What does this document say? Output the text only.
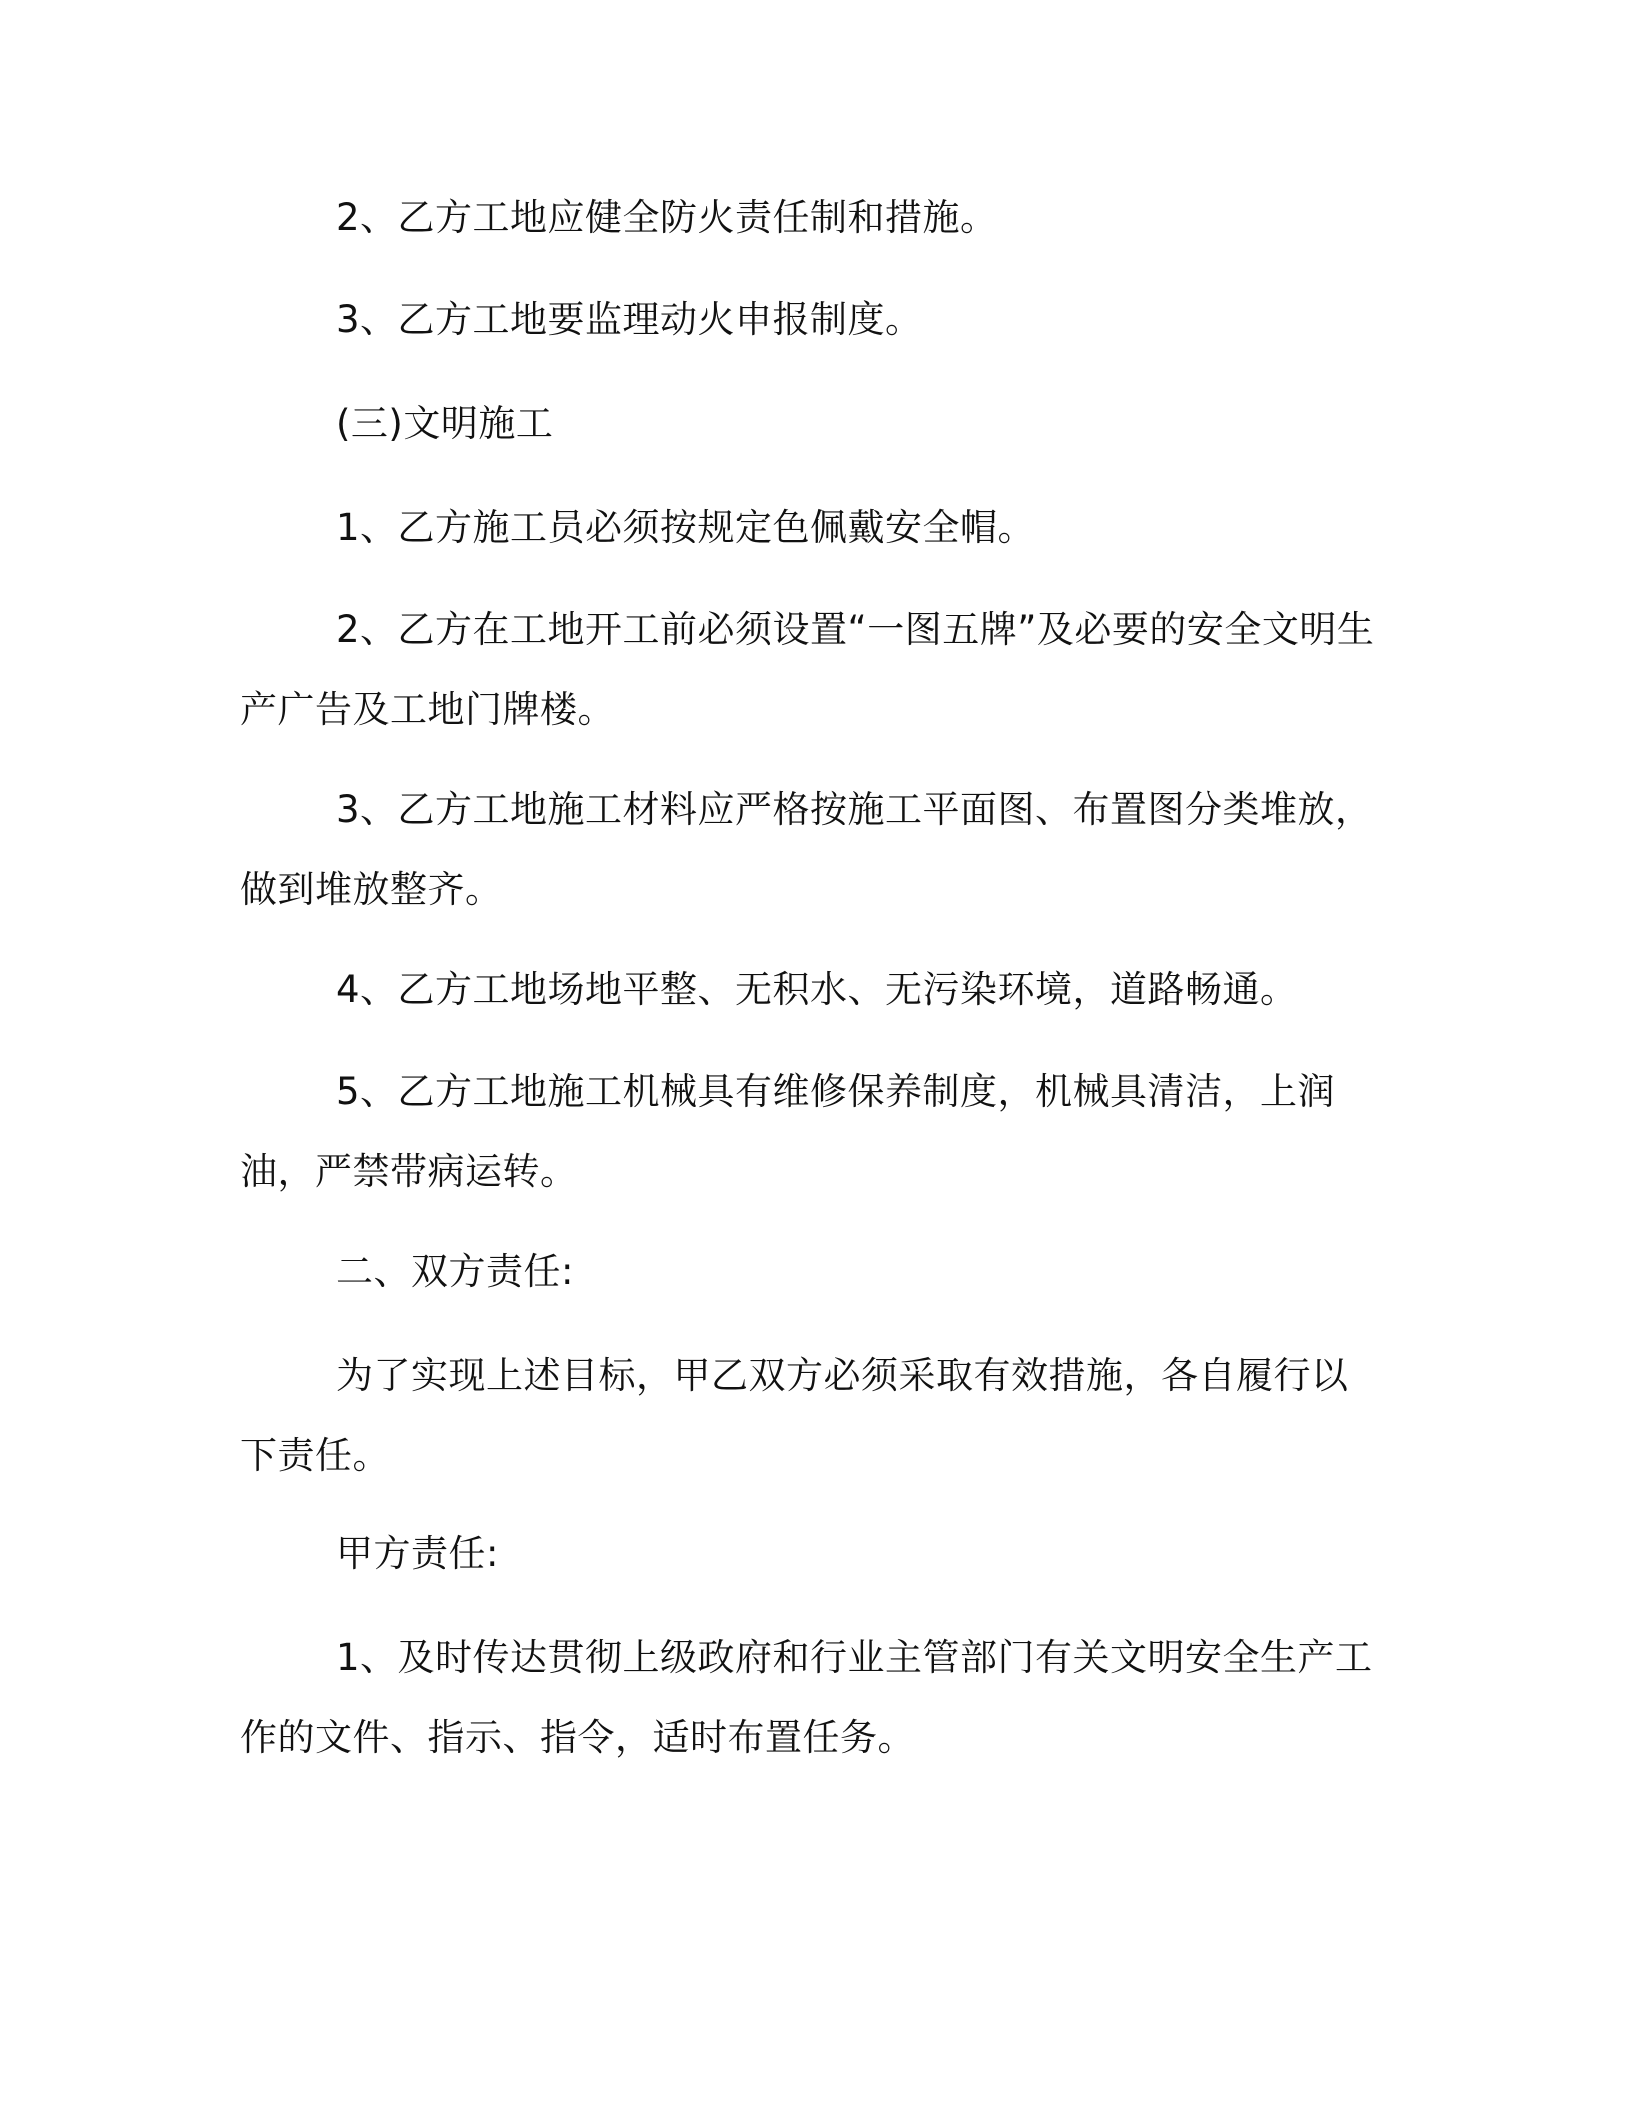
2、乙方工地应健全防火责任制和措施。

3、乙方工地要监理动火申报制度。

(三)文明施工

1、乙方施工员必须按规定色佩戴安全帽。

2、乙方在工地开工前必须设置“一图五牌”及必要的安全文明生产广告及工地门牌楼。

3、乙方工地施工材料应严格按施工平面图、布置图分类堆放，做到堆放整齐。

4、乙方工地场地平整、无积水、无污染环境，道路畅通。

5、乙方工地施工机械具有维修保养制度，机械具清洁，上润油，严禁带病运转。

二、双方责任:

为了实现上述目标，甲乙双方必须采取有效措施，各自履行以下责任。

甲方责任:

1、及时传达贯彻上级政府和行业主管部门有关文明安全生产工作的文件、指示、指令，适时布置任务。
